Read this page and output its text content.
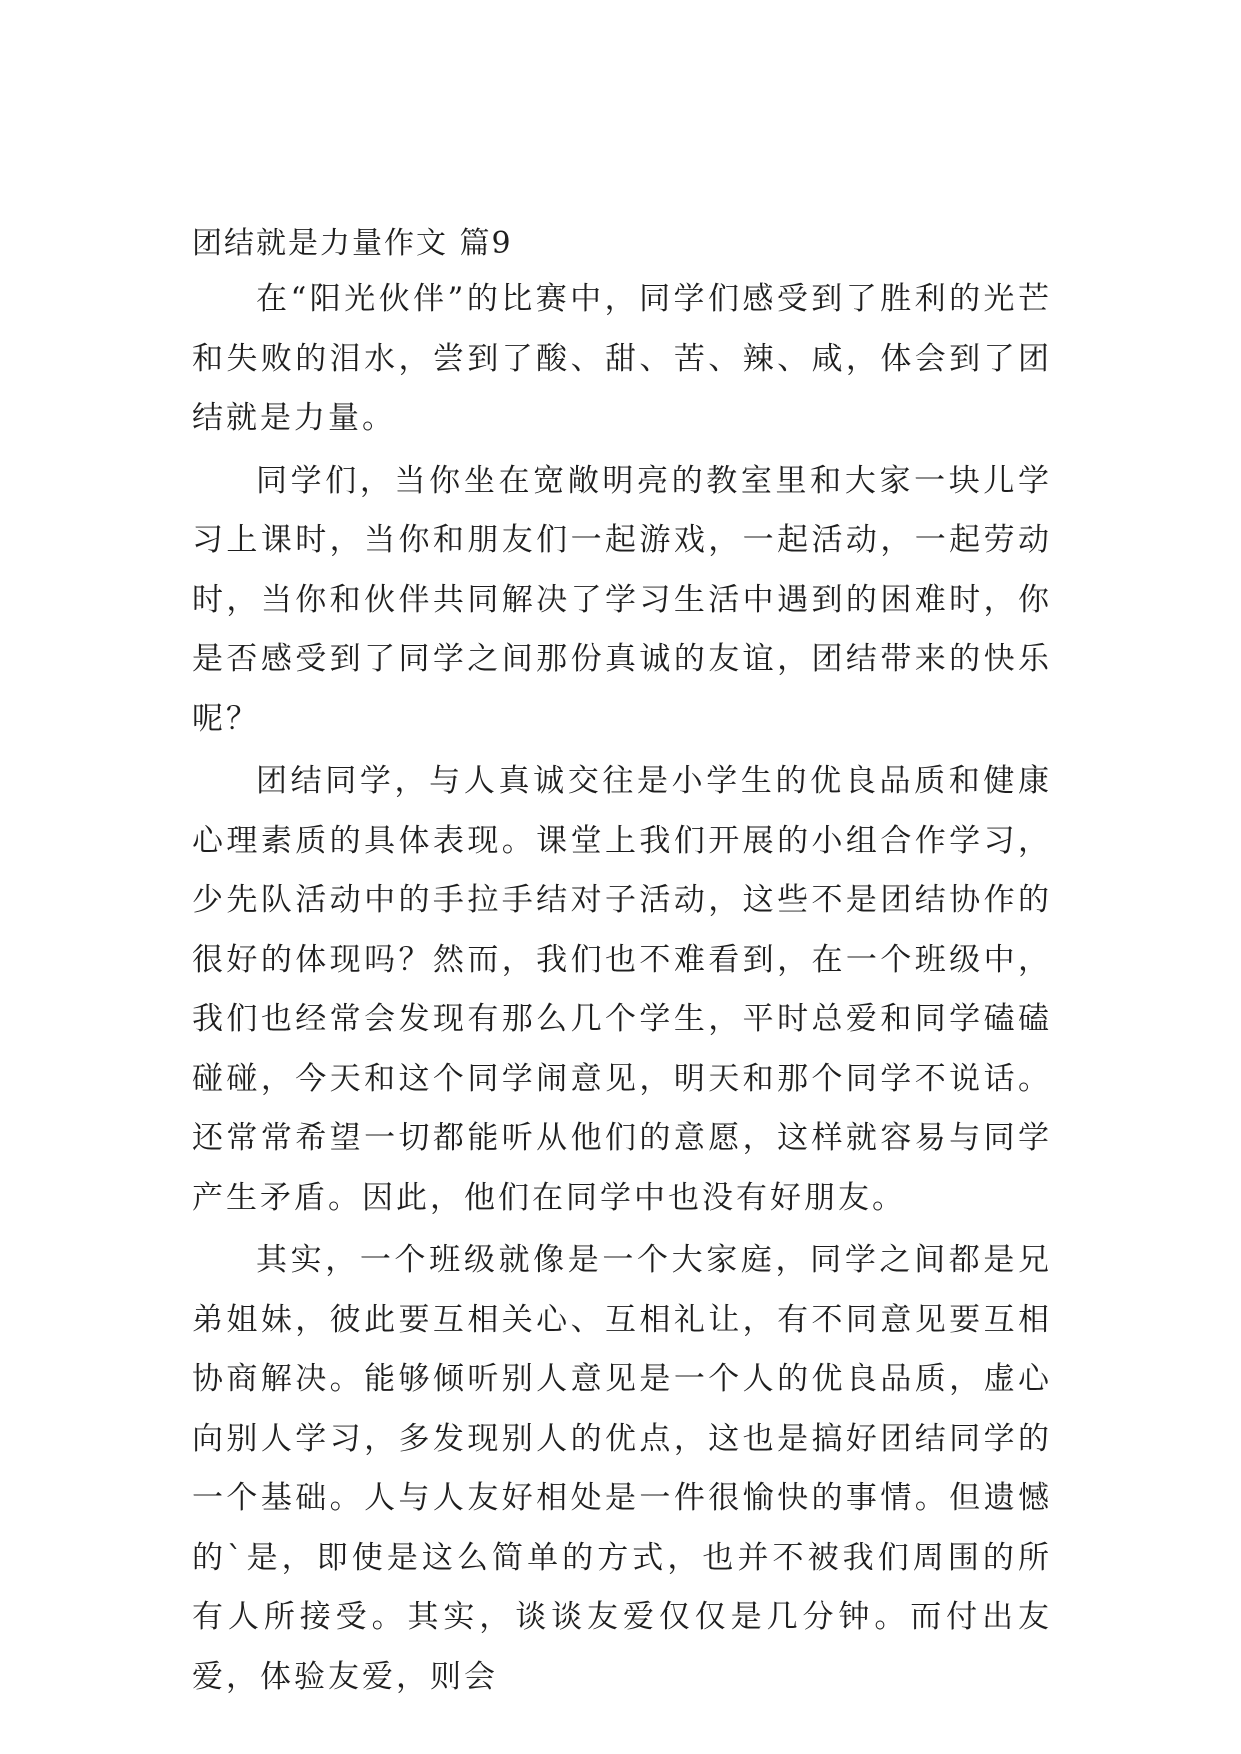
团结就是力量作文 篇9

在“阳光伙伴”的比赛中，同学们感受到了胜利的光芒和失败的泪水，尝到了酸、甜、苦、辣、咸，体会到了团结就是力量。

同学们，当你坐在宽敞明亮的教室里和大家一块儿学习上课时，当你和朋友们一起游戏，一起活动，一起劳动时，当你和伙伴共同解决了学习生活中遇到的困难时，你是否感受到了同学之间那份真诚的友谊，团结带来的快乐呢？

团结同学，与人真诚交往是小学生的优良品质和健康心理素质的具体表现。课堂上我们开展的小组合作学习，少先队活动中的手拉手结对子活动，这些不是团结协作的很好的体现吗？然而，我们也不难看到，在一个班级中，我们也经常会发现有那么几个学生，平时总爱和同学磕磕碰碰，今天和这个同学闹意见，明天和那个同学不说话。还常常希望一切都能听从他们的意愿，这样就容易与同学产生矛盾。因此，他们在同学中也没有好朋友。

其实，一个班级就像是一个大家庭，同学之间都是兄弟姐妹，彼此要互相关心、互相礼让，有不同意见要互相协商解决。能够倾听别人意见是一个人的优良品质，虚心向别人学习，多发现别人的优点，这也是搞好团结同学的一个基础。人与人友好相处是一件很愉快的事情。但遗憾的`是，即使是这么简单的方式，也并不被我们周围的所有人所接受。其实，谈谈友爱仅仅是几分钟。而付出友爱，体验友爱，则会
